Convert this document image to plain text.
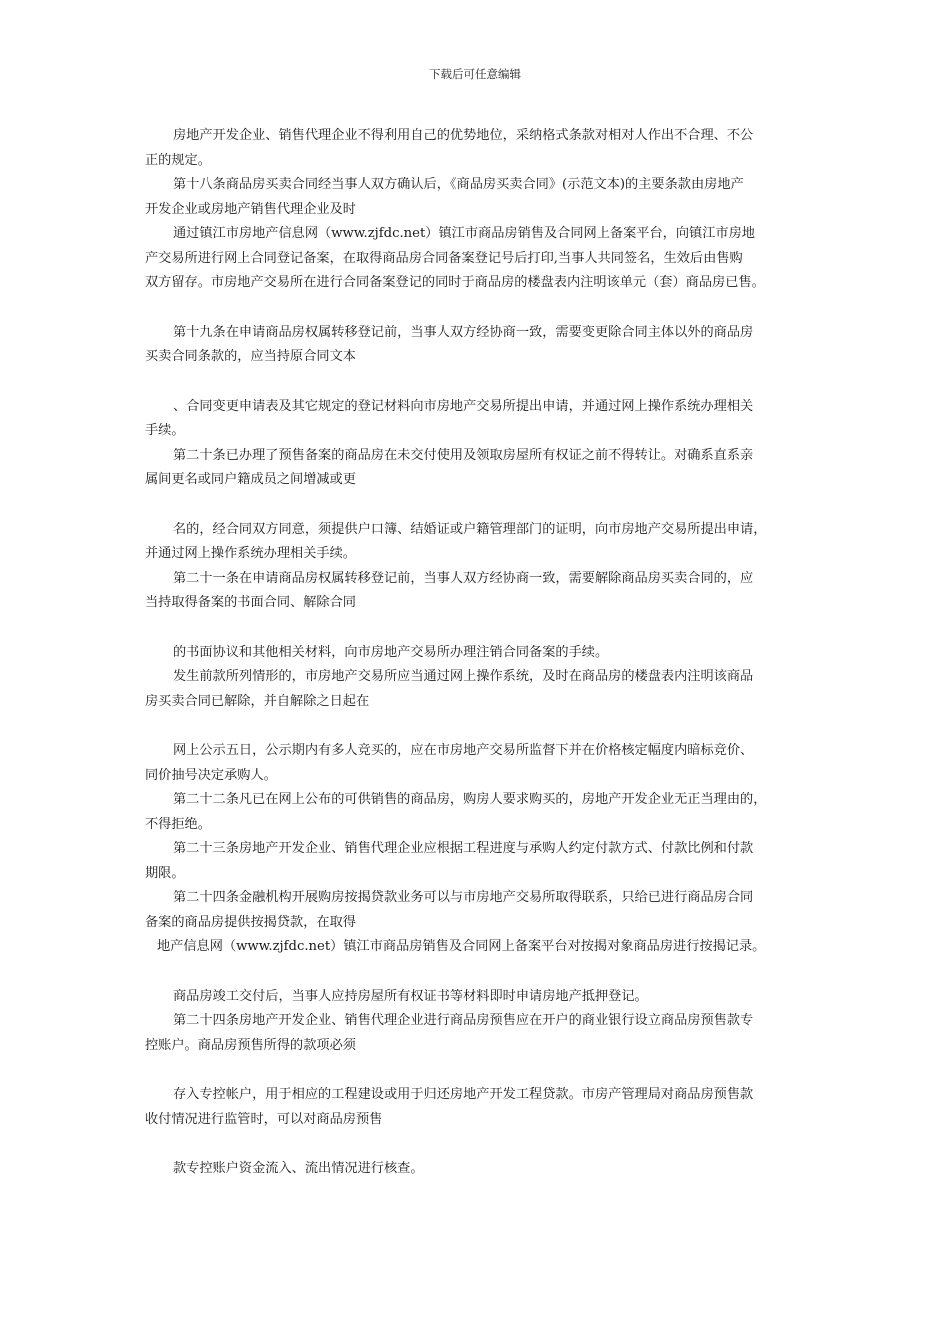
下载后可任意编辑

房地产开发企业、销售代理企业不得利用自己的优势地位，采纳格式条款对相对人作出不合理、不公
正的规定。

第十八条商品房买卖合同经当事人双方确认后，《商品房买卖合同》(示范文本)的主要条款由房地产
开发企业或房地产销售代理企业及时

通过镇江市房地产信息网（www.zjfdc.net）镇江市商品房销售及合同网上备案平台，向镇江市房地
产交易所进行网上合同登记备案，在取得商品房合同备案登记号后打印,当事人共同签名，生效后由售购
双方留存。市房地产交易所在进行合同备案登记的同时于商品房的楼盘表内注明该单元（套）商品房已售。

第十九条在申请商品房权属转移登记前，当事人双方经协商一致，需要变更除合同主体以外的商品房
买卖合同条款的，应当持原合同文本

、合同变更申请表及其它规定的登记材料向市房地产交易所提出申请，并通过网上操作系统办理相关
手续。

第二十条已办理了预售备案的商品房在未交付使用及领取房屋所有权证之前不得转让。对确系直系亲
属间更名或同户籍成员之间增减或更

名的，经合同双方同意，须提供户口簿、结婚证或户籍管理部门的证明，向市房地产交易所提出申请，
并通过网上操作系统办理相关手续。

第二十一条在申请商品房权属转移登记前，当事人双方经协商一致，需要解除商品房买卖合同的，应
当持取得备案的书面合同、解除合同

的书面协议和其他相关材料，向市房地产交易所办理注销合同备案的手续。

发生前款所列情形的，市房地产交易所应当通过网上操作系统，及时在商品房的楼盘表内注明该商品
房买卖合同已解除，并自解除之日起在

网上公示五日，公示期内有多人竞买的，应在市房地产交易所监督下并在价格核定幅度内暗标竞价、
同价抽号决定承购人。

第二十二条凡已在网上公布的可供销售的商品房，购房人要求购买的，房地产开发企业无正当理由的，
不得拒绝。

第二十三条房地产开发企业、销售代理企业应根据工程进度与承购人约定付款方式、付款比例和付款
期限。

第二十四条金融机构开展购房按揭贷款业务可以与市房地产交易所取得联系，只给已进行商品房合同
备案的商品房提供按揭贷款，在取得

地产信息网（www.zjfdc.net）镇江市商品房销售及合同网上备案平台对按揭对象商品房进行按揭记录。

商品房竣工交付后，当事人应持房屋所有权证书等材料即时申请房地产抵押登记。

第二十四条房地产开发企业、销售代理企业进行商品房预售应在开户的商业银行设立商品房预售款专
控账户。商品房预售所得的款项必须

存入专控帐户，用于相应的工程建设或用于归还房地产开发工程贷款。市房产管理局对商品房预售款
收付情况进行监管时，可以对商品房预售

款专控账户资金流入、流出情况进行核查。
